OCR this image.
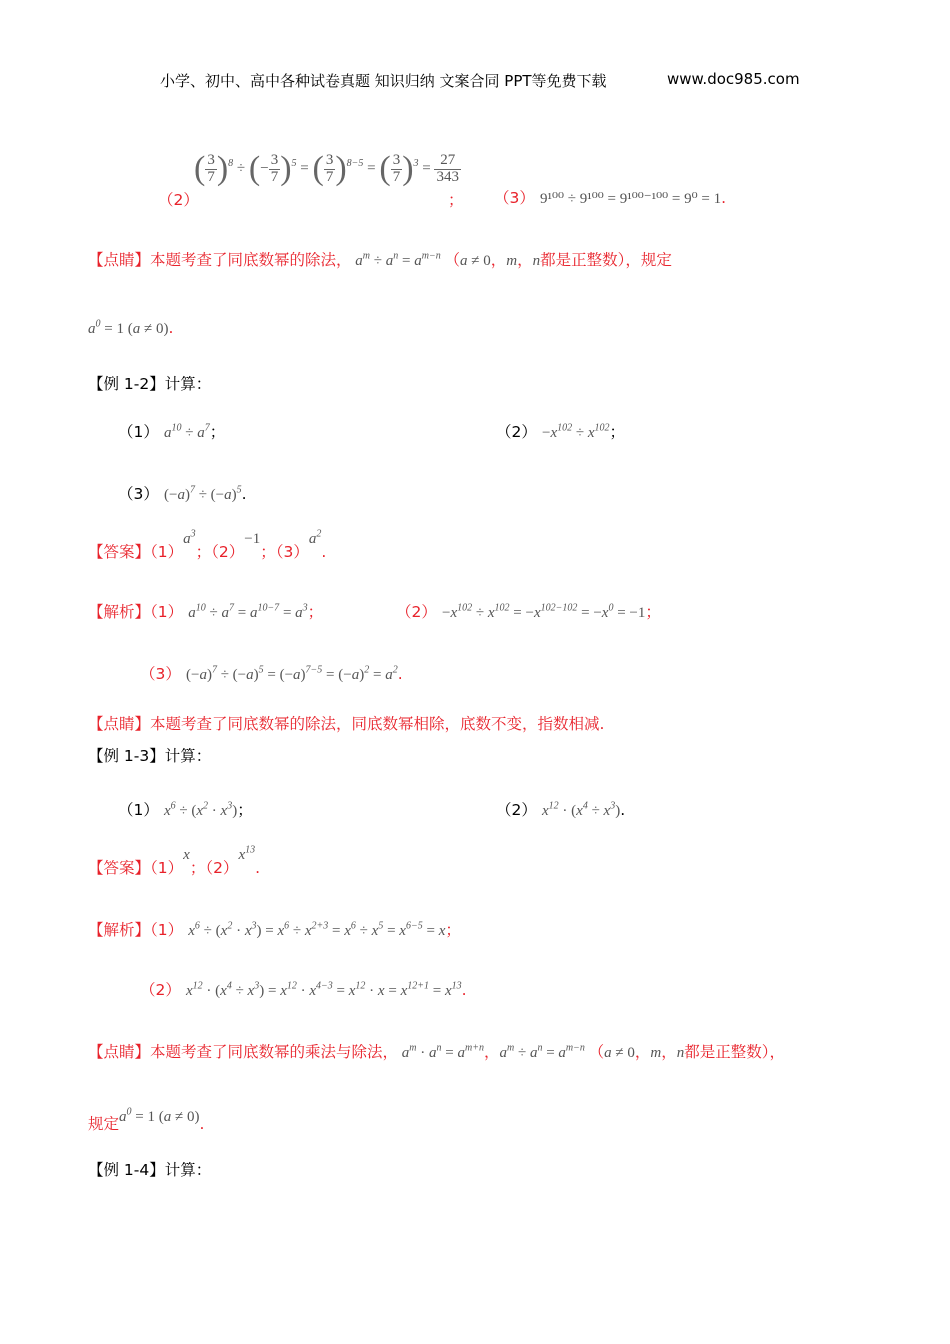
小学、初中、高中各种试卷真题 知识归纳 文案合同 PPT等免费下载	www.doc985.com
（2）
( $\frac{3}{7} )^8$ ÷ (− $\frac{3}{7} )^5$ = ( $\frac{3}{7} )^{8-5}$ = ( $\frac{3}{7} )^3 = \frac{27}{343}$
； （3） 9¹⁰⁰ ÷ 9¹⁰⁰ = 9¹⁰⁰⁻¹⁰⁰ = 9⁰ = 1.
【点睛】本题考查了同底数幂的除法， $a^m \div a^n = a^{m-n}$ （a ≠ 0，m，n都是正整数），规定
$a^0 = 1$ (a ≠ 0).
【例 1-2】计算：
（1） $a^{10} \div a^7$；	$(2) -x^{102} \div x^{102}$；
（3） $(-a)^7 \div (-a)^5$.
【答案】$(1)a^3$；（2）−1；$(3)a^2$.
【解析】（1） $a^{10} \div a^7 = a^{10-7} = a^3$；	$(2) -x^{102} \div x^{102} = -x^{102-102} = -x^0 = -1$；
（3） $(-a)^7 \div (-a)^5 = (-a)^{7-5} = (-a)^2 = a^2$.
【点睛】本题考查了同底数幂的除法，同底数幂相除，底数不变，指数相减.
【例 1-3】计算：
（1） $x^6 \div (x^2 \cdot x^3)$；	（2） $x^{12} \cdot (x^4 \div x^3)$.
【答案】（1）x；$(2)x^{13}$.
【解析】（1） $x^6 \div (x^2 \cdot x^3) = x^6 \div x^{2+3} = x^6 \div x^5 = x^{6-5} = x$；
（2） $x^{12} \cdot (x^4 \div x^3) = x^{12} \cdot x^{4-3} = x^{12} \cdot x = x^{12+1} = x^{13}$.
【点睛】本题考查了同底数幂的乘法与除法， $a^m \cdot a^n = a^{m+n}$，$a^m \div a^n = a^{m-n}$ （a ≠ 0，m，n都是正整数），
规定$a^0 = 1$ (a ≠ 0).
【例 1-4】计算：
